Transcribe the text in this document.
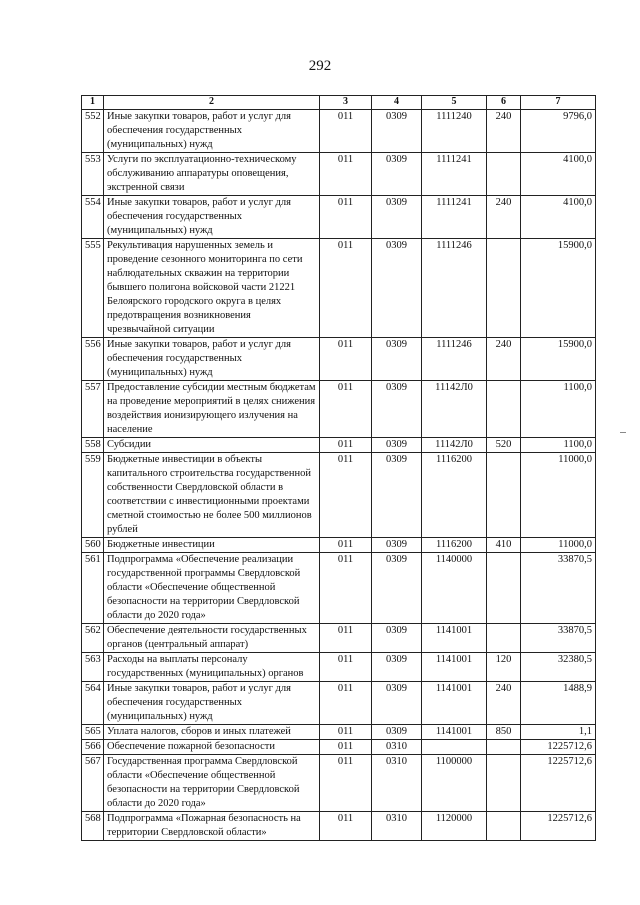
292
1	2	3	4	5	6	7
552	Иные закупки товаров, работ и услуг для обеспечения государственных (муниципальных) нужд	011	0309	1111240	240	9796,0
553	Услуги по эксплуатационно-техническому обслуживанию аппаратуры оповещения, экстренной связи	011	0309	1111241		4100,0
554	Иные закупки товаров, работ и услуг для обеспечения государственных (муниципальных) нужд	011	0309	1111241	240	4100,0
555	Рекультивация нарушенных земель и проведение сезонного мониторинга по сети наблюдательных скважин на территории бывшего полигона войсковой части 21221 Белоярского городского округа в целях предотвращения возникновения чрезвычайной ситуации	011	0309	1111246		15900,0
556	Иные закупки товаров, работ и услуг для обеспечения государственных (муниципальных) нужд	011	0309	1111246	240	15900,0
557	Предоставление субсидии местным бюджетам на проведение мероприятий в целях снижения воздействия ионизирующего излучения на население	011	0309	11142Л0		1100,0
558	Субсидии	011	0309	11142Л0	520	1100,0
559	Бюджетные инвестиции в объекты капитального строительства государственной собственности Свердловской области в соответствии с инвестиционными проектами сметной стоимостью не более 500 миллионов рублей	011	0309	1116200		11000,0
560	Бюджетные инвестиции	011	0309	1116200	410	11000,0
561	Подпрограмма «Обеспечение реализации государственной программы Свердловской области «Обеспечение общественной безопасности на территории Свердловской области до 2020 года»	011	0309	1140000		33870,5
562	Обеспечение деятельности государственных органов (центральный аппарат)	011	0309	1141001		33870,5
563	Расходы на выплаты персоналу государственных (муниципальных) органов	011	0309	1141001	120	32380,5
564	Иные закупки товаров, работ и услуг для обеспечения государственных (муниципальных) нужд	011	0309	1141001	240	1488,9
565	Уплата налогов, сборов и иных платежей	011	0309	1141001	850	1,1
566	Обеспечение пожарной безопасности	011	0310			1225712,6
567	Государственная программа Свердловской области «Обеспечение общественной безопасности на территории Свердловской области до 2020 года»	011	0310	1100000		1225712,6
568	Подпрограмма «Пожарная безопасность на территории Свердловской области»	011	0310	1120000		1225712,6
